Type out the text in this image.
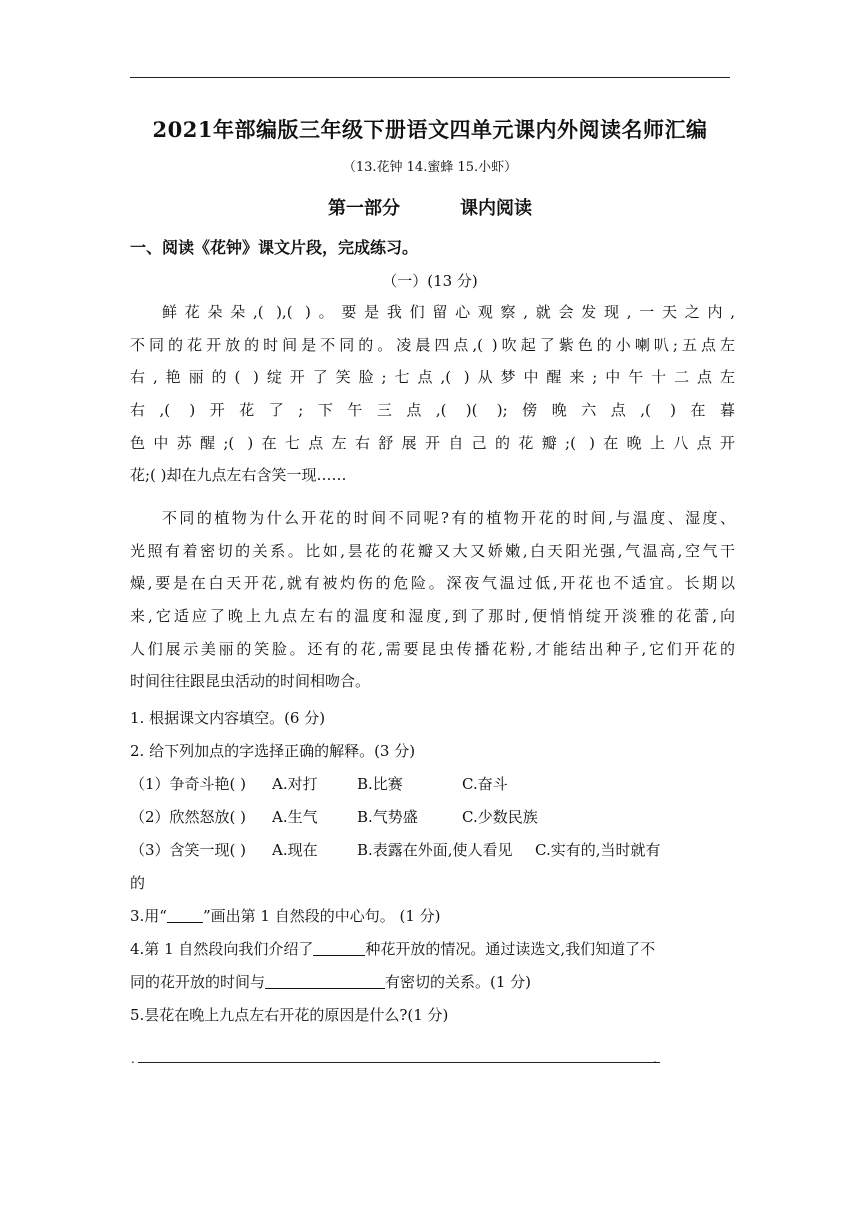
2021年部编版三年级下册语文四单元课内外阅读名师汇编
（13.花钟 14.蜜蜂 15.小虾）
第一部分	课内阅读
一、阅读《花钟》课文片段，完成练习。
（一）(13 分)
鲜花朵朵,( ),( )。要是我们留心观察,就会发现,一天之内,
不同的花开放的时间是不同的。凌晨四点,( )吹起了紫色的小喇叭;五点左
右,艳丽的( )绽开了笑脸;七点,( )从梦中醒来;中午十二点左
右,( )开花了;下午三点,( )( );傍晚六点,( )在暮
色中苏醒;( )在七点左右舒展开自己的花瓣;( )在晚上八点开
花;( )却在九点左右含笑一现……
不同的植物为什么开花的时间不同呢?有的植物开花的时间,与温度、湿度、
光照有着密切的关系。比如,昙花的花瓣又大又娇嫩,白天阳光强,气温高,空气干
燥,要是在白天开花,就有被灼伤的危险。深夜气温过低,开花也不适宜。长期以
来,它适应了晚上九点左右的温度和湿度,到了那时,便悄悄绽开淡雅的花蕾,向
人们展示美丽的笑脸。还有的花,需要昆虫传播花粉,才能结出种子,它们开花的
时间往往跟昆虫活动的时间相吻合。
1. 根据课文内容填空。(6 分)
2. 给下列加点的字选择正确的解释。(3 分)
（1）争奇斗艳( ) A.对打	B.比赛	C.奋斗
（2）欣然怒放( ) A.生气	B.气势盛	C.少数民族
（3）含笑一现( ) A.现在	B.表露在外面,使人看见 C.实有的,当时就有
的
3.用“ ”画出第 1 自然段的中心句。 (1 分)
4.第 1 自然段向我们介绍了	种花开放的情况。通过读选文,我们知道了不
同的花开放的时间与	有密切的关系。(1 分)
5.昙花在晚上九点左右开花的原因是什么?(1 分)
.	.
